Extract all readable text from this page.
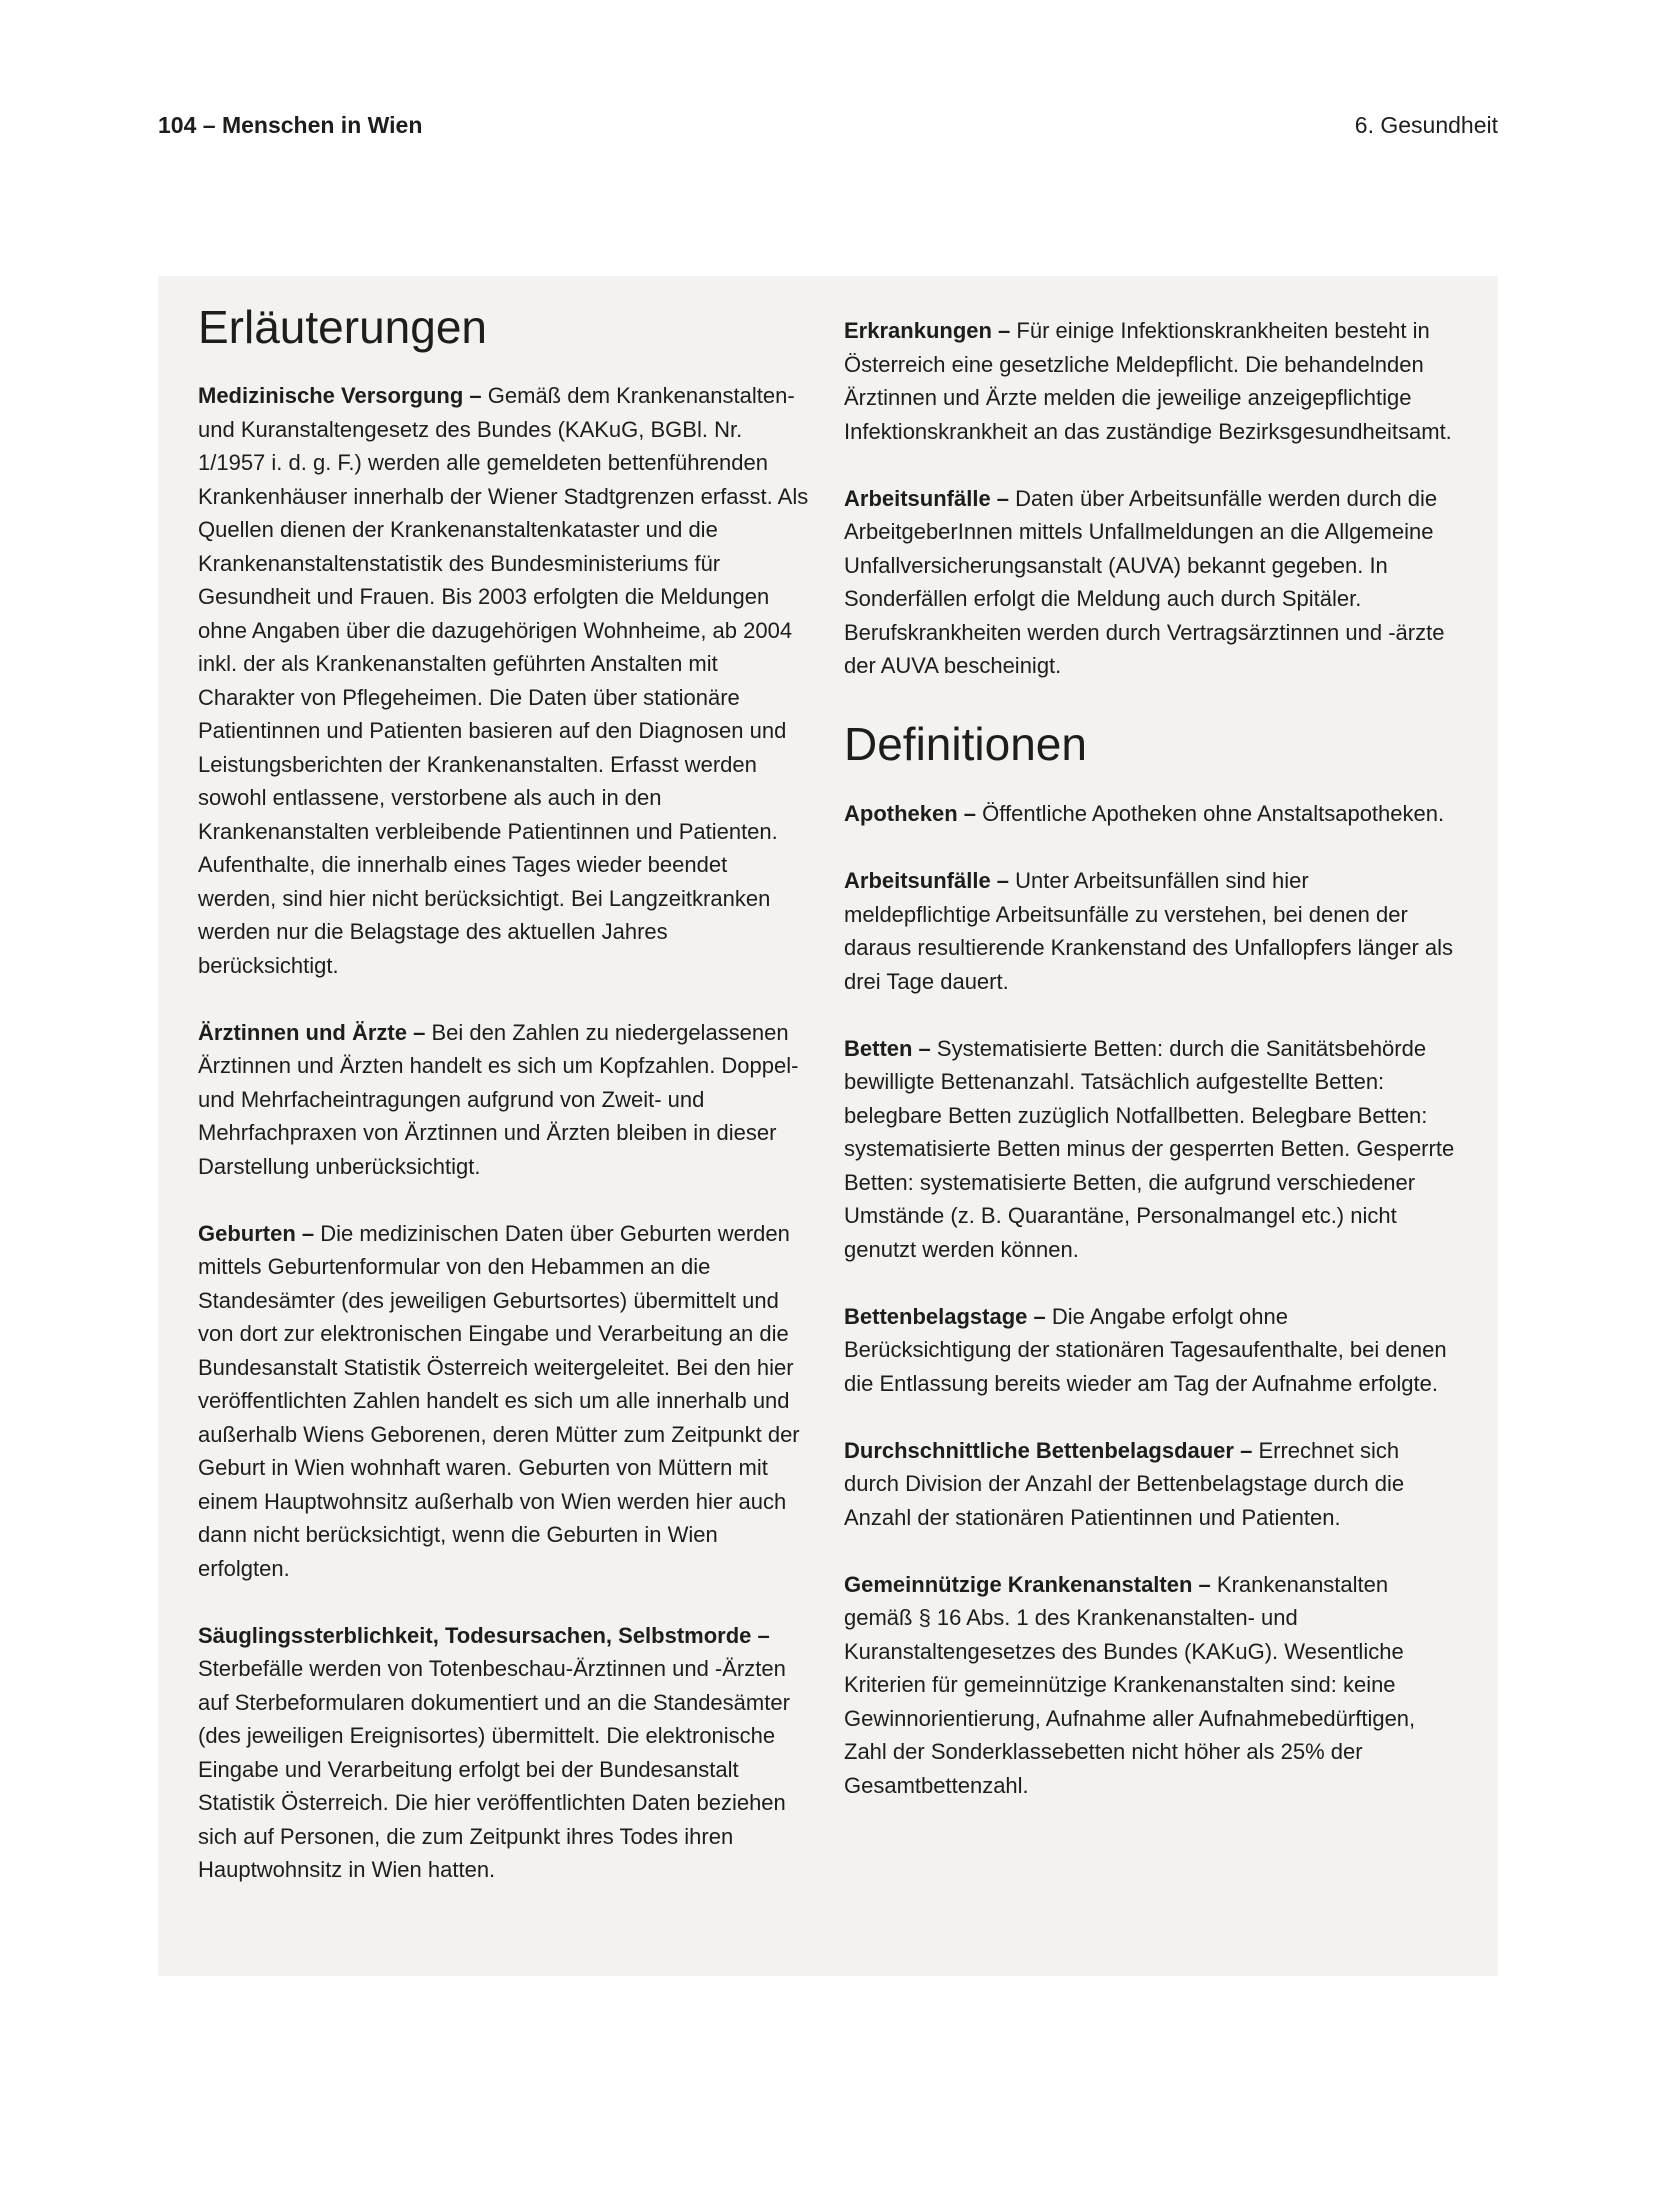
104 – Menschen in Wien	6. Gesundheit
Erläuterungen

Medizinische Versorgung – Gemäß dem Krankenanstalten- und Kuranstaltengesetz des Bundes (KAKuG, BGBl. Nr. 1/1957 i. d. g. F.) werden alle gemeldeten bettenführenden Krankenhäuser innerhalb der Wiener Stadtgrenzen erfasst. Als Quellen dienen der Krankenanstaltenkataster und die Krankenanstaltenstatistik des Bundesministeriums für Gesundheit und Frauen. Bis 2003 erfolgten die Meldungen ohne Angaben über die dazugehörigen Wohnheime, ab 2004 inkl. der als Krankenanstalten geführten Anstalten mit Charakter von Pflegeheimen. Die Daten über stationäre Patientinnen und Patienten basieren auf den Diagnosen und Leistungsberichten der Krankenanstalten. Erfasst werden sowohl entlassene, verstorbene als auch in den Krankenanstalten verbleibende Patientinnen und Patienten. Aufenthalte, die innerhalb eines Tages wieder beendet werden, sind hier nicht berücksichtigt. Bei Langzeitkranken werden nur die Belagstage des aktuellen Jahres berücksichtigt.

Ärztinnen und Ärzte – Bei den Zahlen zu niedergelassenen Ärztinnen und Ärzten handelt es sich um Kopfzahlen. Doppel- und Mehrfacheintragungen aufgrund von Zweit- und Mehrfachpraxen von Ärztinnen und Ärzten bleiben in dieser Darstellung unberücksichtigt.

Geburten – Die medizinischen Daten über Geburten werden mittels Geburtenformular von den Hebammen an die Standesämter (des jeweiligen Geburtsortes) übermittelt und von dort zur elektronischen Eingabe und Verarbeitung an die Bundesanstalt Statistik Österreich weitergeleitet. Bei den hier veröffentlichten Zahlen handelt es sich um alle innerhalb und außerhalb Wiens Geborenen, deren Mütter zum Zeitpunkt der Geburt in Wien wohnhaft waren. Geburten von Müttern mit einem Hauptwohnsitz außerhalb von Wien werden hier auch dann nicht berücksichtigt, wenn die Geburten in Wien erfolgten.

Säuglingssterblichkeit, Todesursachen, Selbstmorde – Sterbefälle werden von Totenbeschau-Ärztinnen und -Ärzten auf Sterbeformularen dokumentiert und an die Standesämter (des jeweiligen Ereignisortes) übermittelt. Die elektronische Eingabe und Verarbeitung erfolgt bei der Bundesanstalt Statistik Österreich. Die hier veröffentlichten Daten beziehen sich auf Personen, die zum Zeitpunkt ihres Todes ihren Hauptwohnsitz in Wien hatten.

Erkrankungen – Für einige Infektionskrankheiten besteht in Österreich eine gesetzliche Meldepflicht. Die behandelnden Ärztinnen und Ärzte melden die jeweilige anzeigepflichtige Infektionskrankheit an das zuständige Bezirksgesundheitsamt.

Arbeitsunfälle – Daten über Arbeitsunfälle werden durch die ArbeitgeberInnen mittels Unfallmeldungen an die Allgemeine Unfallversicherungsanstalt (AUVA) bekannt gegeben. In Sonderfällen erfolgt die Meldung auch durch Spitäler. Berufskrankheiten werden durch Vertragsärztinnen und -ärzte der AUVA bescheinigt.

Definitionen

Apotheken – Öffentliche Apotheken ohne Anstaltsapotheken.

Arbeitsunfälle – Unter Arbeitsunfällen sind hier meldepflichtige Arbeitsunfälle zu verstehen, bei denen der daraus resultierende Krankenstand des Unfallopfers länger als drei Tage dauert.

Betten – Systematisierte Betten: durch die Sanitätsbehörde bewilligte Bettenanzahl. Tatsächlich aufgestellte Betten: belegbare Betten zuzüglich Notfallbetten. Belegbare Betten: systematisierte Betten minus der gesperrten Betten. Gesperrte Betten: systematisierte Betten, die aufgrund verschiedener Umstände (z. B. Quarantäne, Personalmangel etc.) nicht genutzt werden können.

Bettenbelagstage – Die Angabe erfolgt ohne Berücksichtigung der stationären Tagesaufenthalte, bei denen die Entlassung bereits wieder am Tag der Aufnahme erfolgte.

Durchschnittliche Bettenbelagsdauer – Errechnet sich durch Division der Anzahl der Bettenbelagstage durch die Anzahl der stationären Patientinnen und Patienten.

Gemeinnützige Krankenanstalten – Krankenanstalten gemäß § 16 Abs. 1 des Krankenanstalten- und Kuranstaltengesetzes des Bundes (KAKuG). Wesentliche Kriterien für gemeinnützige Krankenanstalten sind: keine Gewinnorientierung, Aufnahme aller Aufnahmebedürftigen, Zahl der Sonderklassebetten nicht höher als 25% der Gesamtbettenzahl.
